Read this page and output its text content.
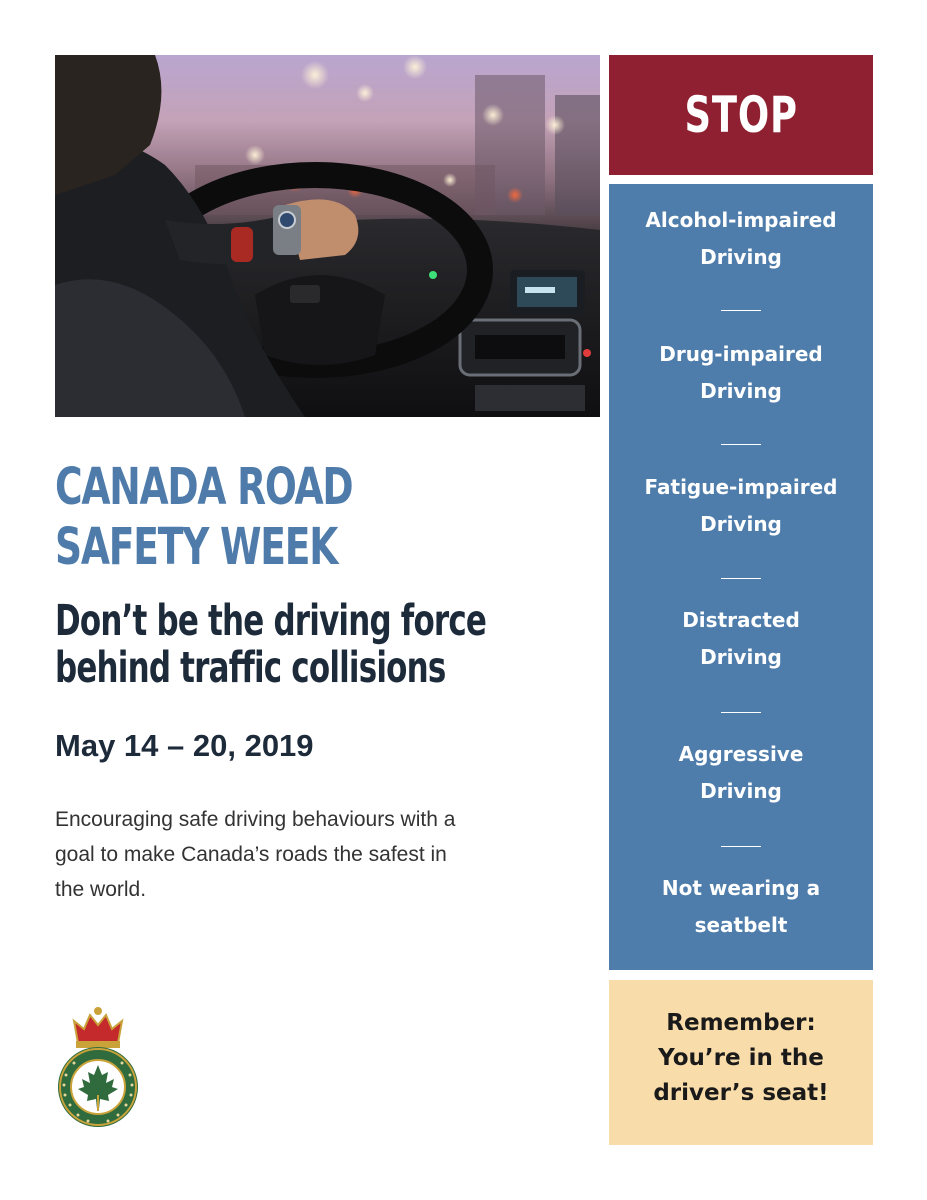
CANADA ROAD
SAFETY WEEK
Don’t be the driving force
behind traffic collisions
May 14 – 20, 2019
Encouraging safe driving behaviours with a
goal to make Canada’s roads the safest in
the world.
STOP
Alcohol-impaired
Driving
Drug-impaired
Driving
Fatigue-impaired
Driving
Distracted
Driving
Aggressive
Driving
Not wearing a
seatbelt
Remember:
You’re in the
driver’s seat!
